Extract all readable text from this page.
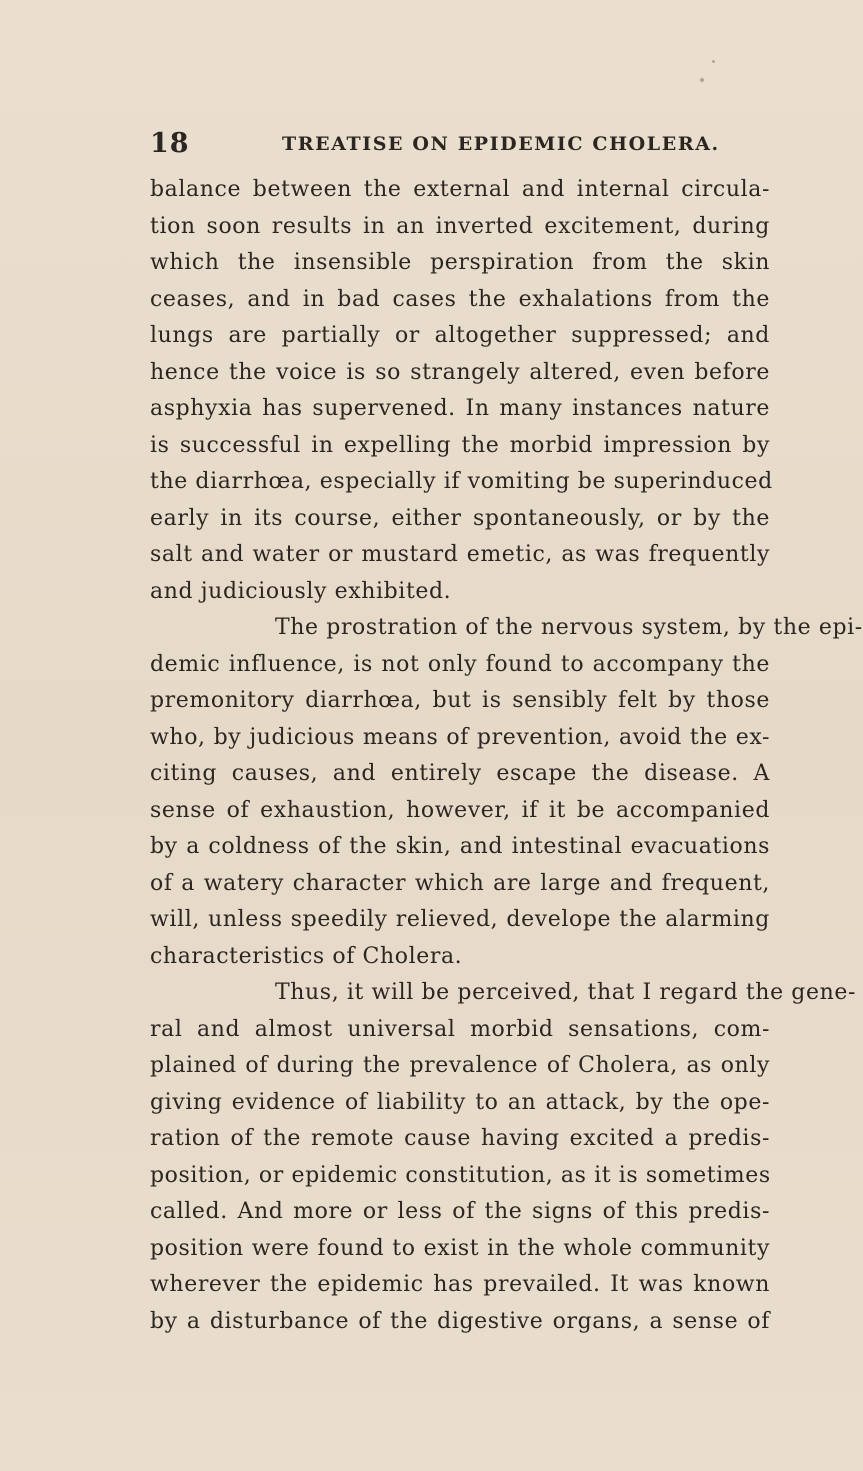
18	TREATISE ON EPIDEMIC CHOLERA.
balance between the external and internal circula-
tion soon results in an inverted excitement, during
which the insensible perspiration from the skin
ceases, and in bad cases the exhalations from the
lungs are partially or altogether suppressed; and
hence the voice is so strangely altered, even before
asphyxia has supervened. In many instances nature
is successful in expelling the morbid impression by
the diarrhœa, especially if vomiting be superinduced
early in its course, either spontaneously, or by the
salt and water or mustard emetic, as was frequently
and judiciously exhibited.
The prostration of the nervous system, by the epi-
demic influence, is not only found to accompany the
premonitory diarrhœa, but is sensibly felt by those
who, by judicious means of prevention, avoid the ex-
citing causes, and entirely escape the disease. A
sense of exhaustion, however, if it be accompanied
by a coldness of the skin, and intestinal evacuations
of a watery character which are large and frequent,
will, unless speedily relieved, develope the alarming
characteristics of Cholera.
Thus, it will be perceived, that I regard the gene-
ral and almost universal morbid sensations, com-
plained of during the prevalence of Cholera, as only
giving evidence of liability to an attack, by the ope-
ration of the remote cause having excited a predis-
position, or epidemic constitution, as it is sometimes
called. And more or less of the signs of this predis-
position were found to exist in the whole community
wherever the epidemic has prevailed. It was known
by a disturbance of the digestive organs, a sense of
